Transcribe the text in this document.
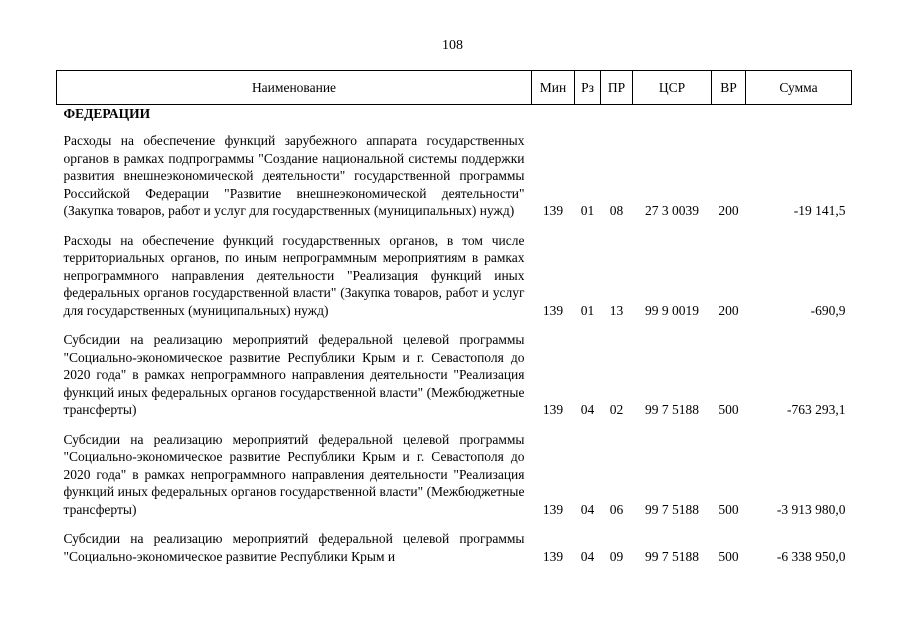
108
Наименование	Мин	Рз	ПР	ЦСР	ВР	Сумма
ФЕДЕРАЦИИ						
Расходы на обеспечение функций зарубежного аппарата государственных органов в рамках подпрограммы "Создание национальной системы поддержки развития внешнеэкономической деятельности" государственной программы Российской Федерации "Развитие внешнеэкономической деятельности" (Закупка товаров, работ и услуг для государственных (муниципальных) нужд)	139	01	08	27 3 0039	200	-19 141,5

Расходы на обеспечение функций государственных органов, в том числе территориальных органов, по иным непрограммным мероприятиям в рамках непрограммного направления деятельности "Реализация функций иных федеральных органов государственной власти" (Закупка товаров, работ и услуг для государственных (муниципальных) нужд)	139	01	13	99 9 0019	200	-690,9

Субсидии на реализацию мероприятий федеральной целевой программы "Социально-экономическое развитие Республики Крым и г. Севастополя до 2020 года" в рамках непрограммного направления деятельности "Реализация функций иных федеральных органов государственной власти" (Межбюджетные трансферты)	139	04	02	99 7 5188	500	-763 293,1

Субсидии на реализацию мероприятий федеральной целевой программы "Социально-экономическое развитие Республики Крым и г. Севастополя до 2020 года" в рамках непрограммного направления деятельности "Реализация функций иных федеральных органов государственной власти" (Межбюджетные трансферты)	139	04	06	99 7 5188	500	-3 913 980,0

Субсидии на реализацию мероприятий федеральной целевой программы "Социально-экономическое развитие Республики Крым и	139	04	09	99 7 5188	500	-6 338 950,0
